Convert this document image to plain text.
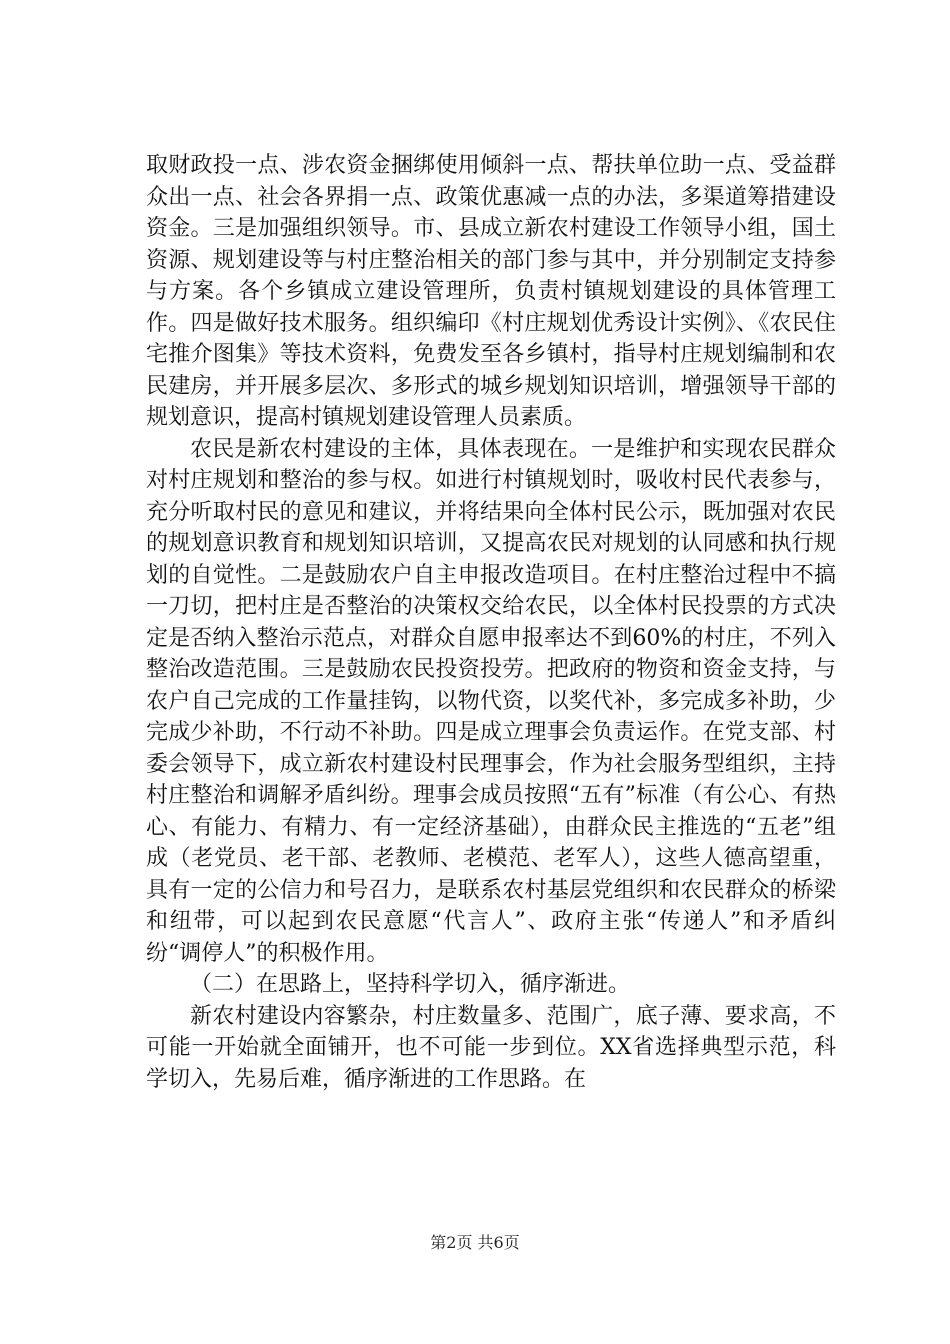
取财政投一点、涉农资金捆绑使用倾斜一点、帮扶单位助一点、受益群众出一点、社会各界捐一点、政策优惠减一点的办法，多渠道筹措建设资金。三是加强组织领导。市、县成立新农村建设工作领导小组，国土资源、规划建设等与村庄整治相关的部门参与其中，并分别制定支持参与方案。各个乡镇成立建设管理所，负责村镇规划建设的具体管理工作。四是做好技术服务。组织编印《村庄规划优秀设计实例》、《农民住宅推介图集》等技术资料，免费发至各乡镇村，指导村庄规划编制和农民建房，并开展多层次、多形式的城乡规划知识培训，增强领导干部的规划意识，提高村镇规划建设管理人员素质。

农民是新农村建设的主体，具体表现在。一是维护和实现农民群众对村庄规划和整治的参与权。如进行村镇规划时，吸收村民代表参与，充分听取村民的意见和建议，并将结果向全体村民公示，既加强对农民的规划意识教育和规划知识培训，又提高农民对规划的认同感和执行规划的自觉性。二是鼓励农户自主申报改造项目。在村庄整治过程中不搞一刀切，把村庄是否整治的决策权交给农民，以全体村民投票的方式决定是否纳入整治示范点，对群众自愿申报率达不到60%的村庄，不列入整治改造范围。三是鼓励农民投资投劳。把政府的物资和资金支持，与农户自己完成的工作量挂钩，以物代资，以奖代补，多完成多补助，少完成少补助，不行动不补助。四是成立理事会负责运作。在党支部、村委会领导下，成立新农村建设村民理事会，作为社会服务型组织，主持村庄整治和调解矛盾纠纷。理事会成员按照“五有”标准（有公心、有热心、有能力、有精力、有一定经济基础），由群众民主推选的“五老”组成（老党员、老干部、老教师、老模范、老军人），这些人德高望重，具有一定的公信力和号召力，是联系农村基层党组织和农民群众的桥梁和纽带，可以起到农民意愿“代言人”、政府主张“传递人”和矛盾纠纷“调停人”的积极作用。

（二）在思路上，坚持科学切入，循序渐进。

新农村建设内容繁杂，村庄数量多、范围广，底子薄、要求高，不可能一开始就全面铺开，也不可能一步到位。XX省选择典型示范，科学切入，先易后难，循序渐进的工作思路。在

第2页 共6页
